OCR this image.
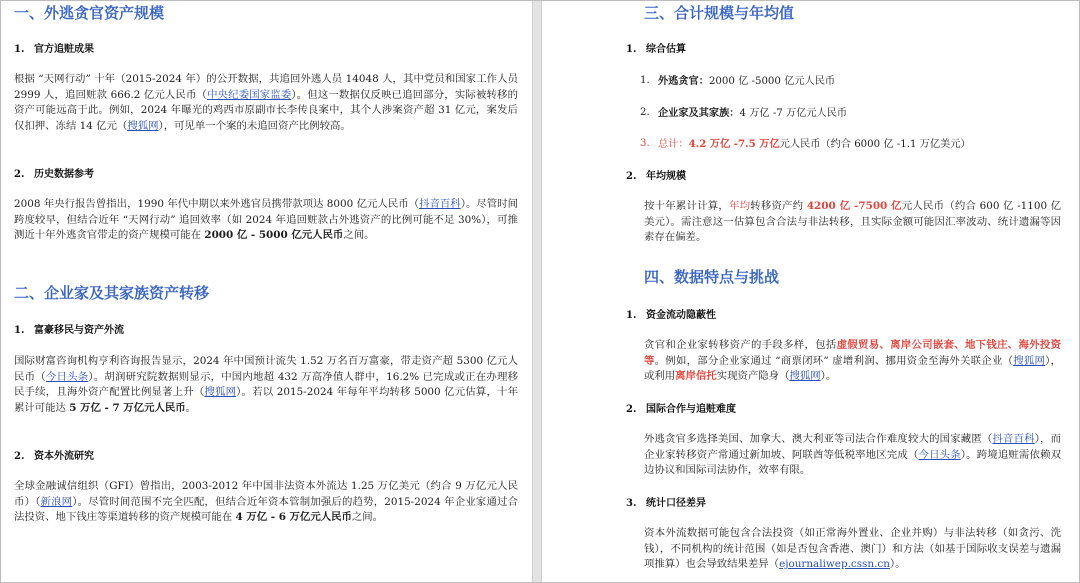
一、外逃贪官资产规模
1. 官方追赃成果

根据 “天网行动” 十年（2015-2024 年）的公开数据，共追回外逃人员 14048 人，其中党员和国家工作人员 2999 人，追回赃款 666.2 亿元人民币（中央纪委国家监委）。但这一数据仅反映已追回部分，实际被转移的资产可能远高于此。例如，2024 年曝光的鸡西市原副市长李传良案中，其个人涉案资产超 31 亿元，案发后仅扣押、冻结 14 亿元（搜狐网），可见单一个案的未追回资产比例较高。

2. 历史数据参考

2008 年央行报告曾指出，1990 年代中期以来外逃官员携带款项达 8000 亿元人民币（抖音百科）。尽管时间跨度较早，但结合近年 “天网行动” 追回效率（如 2024 年追回赃款占外逃资产的比例可能不足 30%），可推测近十年外逃贪官带走的资产规模可能在 2000 亿 - 5000 亿元人民币之间。

二、企业家及其家族资产转移
1. 富豪移民与资产外流

国际财富咨询机构亨利咨询报告显示，2024 年中国预计流失 1.52 万名百万富豪，带走资产超 5300 亿元人民币（今日头条）。胡润研究院数据则显示，中国内地超 432 万高净值人群中，16.2% 已完成或正在办理移民手续，且海外资产配置比例显著上升（搜狐网）。若以 2015-2024 年每年平均转移 5000 亿元估算，十年累计可能达 5 万亿 - 7 万亿元人民币。

2. 资本外流研究

全球金融诚信组织（GFI）曾指出，2003-2012 年中国非法资本外流达 1.25 万亿美元（约合 9 万亿元人民币）（新浪网）。尽管时间范围不完全匹配，但结合近年资本管制加强后的趋势，2015-2024 年企业家通过合法投资、地下钱庄等渠道转移的资产规模可能在 4 万亿 - 6 万亿元人民币之间。

三、合计规模与年均值
1. 综合估算
1. 外逃贪官：2000 亿 -5000 亿元人民币
2. 企业家及其家族：4 万亿 -7 万亿元人民币
3. 总计：4.2 万亿 -7.5 万亿元人民币（约合 6000 亿 -1.1 万亿美元）
2. 年均规模

按十年累计计算，年均转移资产约 4200 亿 -7500 亿元人民币（约合 600 亿 -1100 亿美元）。需注意这一估算包含合法与非法转移，且实际金额可能因汇率波动、统计遗漏等因素存在偏差。

四、数据特点与挑战
1. 资金流动隐蔽性

贪官和企业家转移资产的手段多样，包括虚假贸易、离岸公司嵌套、地下钱庄、海外投资等。例如，部分企业家通过 “商票闭环” 虚增利润、挪用资金至海外关联企业（搜狐网），或利用离岸信托实现资产隐身（搜狐网）。

2. 国际合作与追赃难度

外逃贪官多选择美国、加拿大、澳大利亚等司法合作难度较大的国家藏匿（抖音百科），而企业家转移资产常通过新加坡、阿联酋等低税率地区完成（今日头条）。跨境追赃需依赖双边协议和国际司法协作，效率有限。

3. 统计口径差异

资本外流数据可能包含合法投资（如正常海外置业、企业并购）与非法转移（如贪污、洗钱），不同机构的统计范围（如是否包含香港、澳门）和方法（如基于国际收支误差与遗漏项推算）也会导致结果差异（ejournaliwep.cssn.cn）。
